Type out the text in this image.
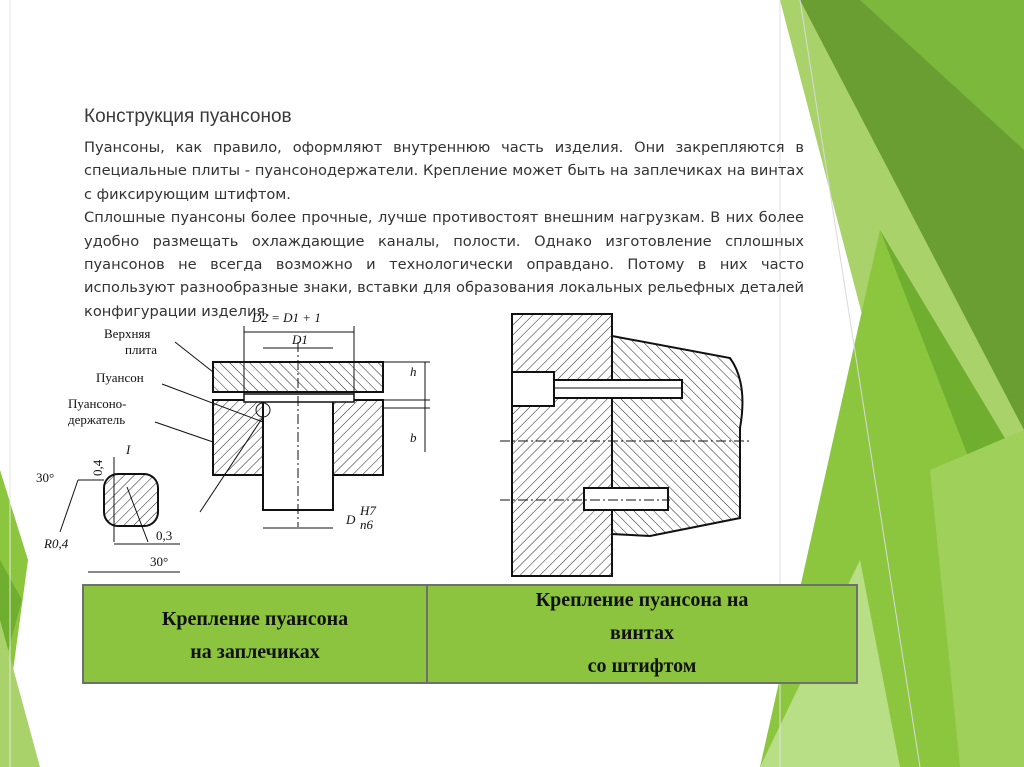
Конструкция пуансонов

Пуансоны, как правило, оформляют внутреннюю часть изделия. Они закрепляются в специальные плиты - пуансонодержатели. Крепление может быть на заплечиках на винтах с фиксирующим штифтом.

Сплошные пуансоны более прочные, лучше противостоят внешним нагрузкам. В них более удобно размещать охлаждающие каналы, полости. Однако изготовление сплошных пуансонов не всегда возможно и технологически оправдано. Потому в них часто используют разнообразные знаки, вставки для образования локальных рельефных деталей конфигурации изделия.

D2 = D1 + 1
D1
h
b
D
H7
n6
Верхняя
плита
Пуансон
Пуансоно-
держатель
I
30°
0,4
R0,4
0,3
30°
Крепление пуансона
на заплечиках
Крепление пуансона на
винтах
со штифтом
